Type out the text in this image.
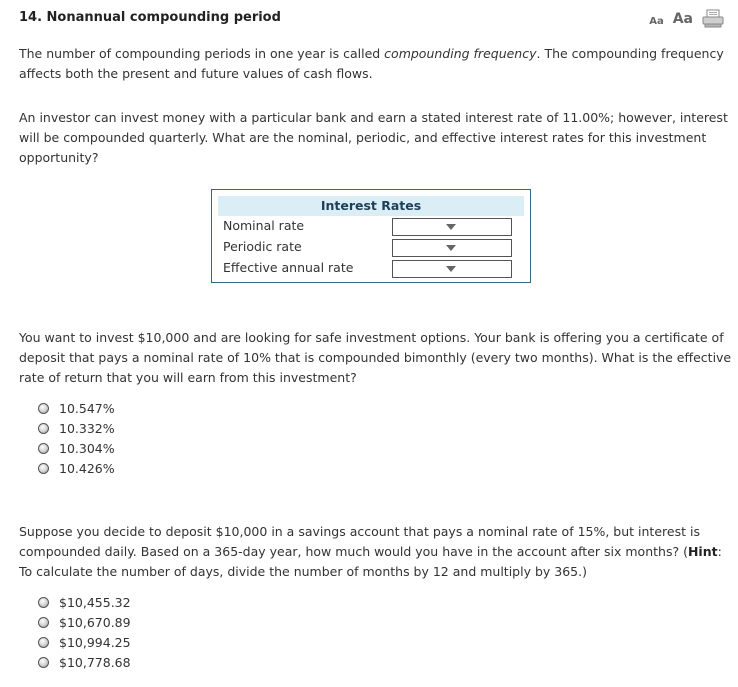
14. Nonannual compounding period	Aa Aa

The number of compounding periods in one year is called compounding frequency. The compounding frequency affects both the present and future values of cash flows.

An investor can invest money with a particular bank and earn a stated interest rate of 11.00%; however, interest will be compounded quarterly. What are the nominal, periodic, and effective interest rates for this investment opportunity?

Interest Rates
Nominal rate
Periodic rate
Effective annual rate

You want to invest $10,000 and are looking for safe investment options. Your bank is offering you a certificate of deposit that pays a nominal rate of 10% that is compounded bimonthly (every two months). What is the effective rate of return that you will earn from this investment?

10.547%
10.332%
10.304%
10.426%

Suppose you decide to deposit $10,000 in a savings account that pays a nominal rate of 15%, but interest is compounded daily. Based on a 365-day year, how much would you have in the account after six months? (Hint: To calculate the number of days, divide the number of months by 12 and multiply by 365.)

$10,455.32
$10,670.89
$10,994.25
$10,778.68
